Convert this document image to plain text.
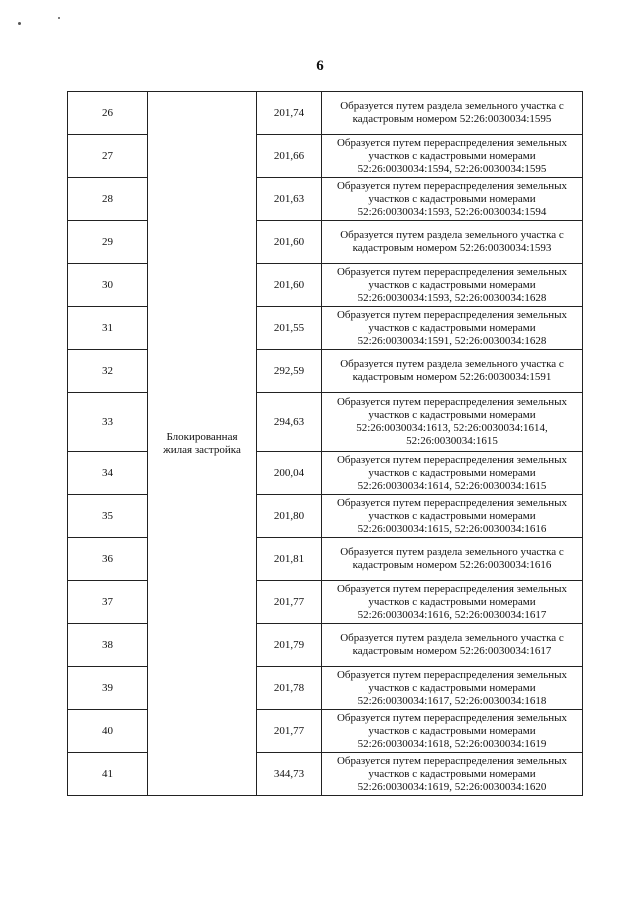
6
26	Блокированная жилая застройка	201,74	Образуется путем раздела земельного участка с кадастровым номером 52:26:0030034:1595
27		201,66	Образуется путем перераспределения земельных участков с кадастровыми номерами 52:26:0030034:1594, 52:26:0030034:1595
28		201,63	Образуется путем перераспределения земельных участков с кадастровыми номерами 52:26:0030034:1593, 52:26:0030034:1594
29		201,60	Образуется путем раздела земельного участка с кадастровым номером 52:26:0030034:1593
30		201,60	Образуется путем перераспределения земельных участков с кадастровыми номерами 52:26:0030034:1593, 52:26:0030034:1628
31		201,55	Образуется путем перераспределения земельных участков с кадастровыми номерами 52:26:0030034:1591, 52:26:0030034:1628
32		292,59	Образуется путем раздела земельного участка с кадастровым номером 52:26:0030034:1591
33		294,63	Образуется путем перераспределения земельных участков с кадастровыми номерами 52:26:0030034:1613, 52:26:0030034:1614, 52:26:0030034:1615
34		200,04	Образуется путем перераспределения земельных участков с кадастровыми номерами 52:26:0030034:1614, 52:26:0030034:1615
35		201,80	Образуется путем перераспределения земельных участков с кадастровыми номерами 52:26:0030034:1615, 52:26:0030034:1616
36		201,81	Образуется путем раздела земельного участка с кадастровым номером 52:26:0030034:1616
37		201,77	Образуется путем перераспределения земельных участков с кадастровыми номерами 52:26:0030034:1616, 52:26:0030034:1617
38		201,79	Образуется путем раздела земельного участка с кадастровым номером 52:26:0030034:1617
39		201,78	Образуется путем перераспределения земельных участков с кадастровыми номерами 52:26:0030034:1617, 52:26:0030034:1618
40		201,77	Образуется путем перераспределения земельных участков с кадастровыми номерами 52:26:0030034:1618, 52:26:0030034:1619
41		344,73	Образуется путем перераспределения земельных участков с кадастровыми номерами 52:26:0030034:1619, 52:26:0030034:1620
